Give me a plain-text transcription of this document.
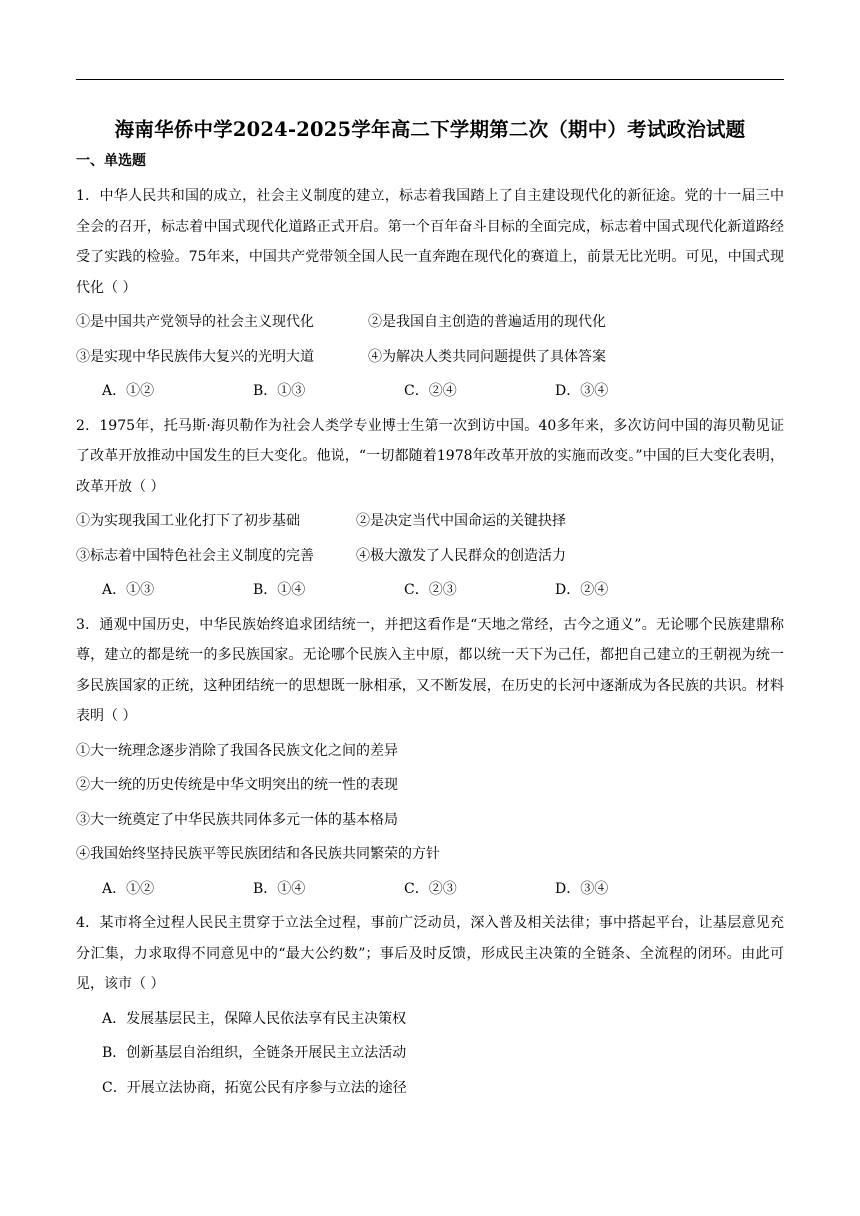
海南华侨中学2024-2025学年高二下学期第二次（期中）考试政治试题
一、单选题

1．中华人民共和国的成立，社会主义制度的建立，标志着我国踏上了自主建设现代化的新征途。党的十一届三中全会的召开，标志着中国式现代化道路正式开启。第一个百年奋斗目标的全面完成，标志着中国式现代化新道路经受了实践的检验。75年来，中国共产党带领全国人民一直奔跑在现代化的赛道上，前景无比光明。可见，中国式现代化（ ）

①是中国共产党领导的社会主义现代化	②是我国自主创造的普遍适用的现代化
③是实现中华民族伟大复兴的光明大道	④为解决人类共同问题提供了具体答案
A．①②	B．①③	C．②④	D．③④

2．1975年，托马斯·海贝勒作为社会人类学专业博士生第一次到访中国。40多年来，多次访问中国的海贝勒见证了改革开放推动中国发生的巨大变化。他说，“一切都随着1978年改革开放的实施而改变。”中国的巨大变化表明，改革开放（ ）

①为实现我国工业化打下了初步基础	②是决定当代中国命运的关键抉择
③标志着中国特色社会主义制度的完善	④极大激发了人民群众的创造活力
A．①③	B．①④	C．②③	D．②④

3．通观中国历史，中华民族始终追求团结统一，并把这看作是“天地之常经，古今之通义”。无论哪个民族建鼎称尊，建立的都是统一的多民族国家。无论哪个民族入主中原，都以统一天下为己任，都把自己建立的王朝视为统一多民族国家的正统，这种团结统一的思想既一脉相承，又不断发展，在历史的长河中逐渐成为各民族的共识。材料表明（ ）

①大一统理念逐步消除了我国各民族文化之间的差异
②大一统的历史传统是中华文明突出的统一性的表现
③大一统奠定了中华民族共同体多元一体的基本格局
④我国始终坚持民族平等民族团结和各民族共同繁荣的方针
A．①②	B．①④	C．②③	D．③④

4．某市将全过程人民民主贯穿于立法全过程，事前广泛动员，深入普及相关法律；事中搭起平台，让基层意见充分汇集，力求取得不同意见中的“最大公约数”；事后及时反馈，形成民主决策的全链条、全流程的闭环。由此可见，该市（ ）

A．发展基层民主，保障人民依法享有民主决策权
B．创新基层自治组织，全链条开展民主立法活动
C．开展立法协商，拓宽公民有序参与立法的途径
